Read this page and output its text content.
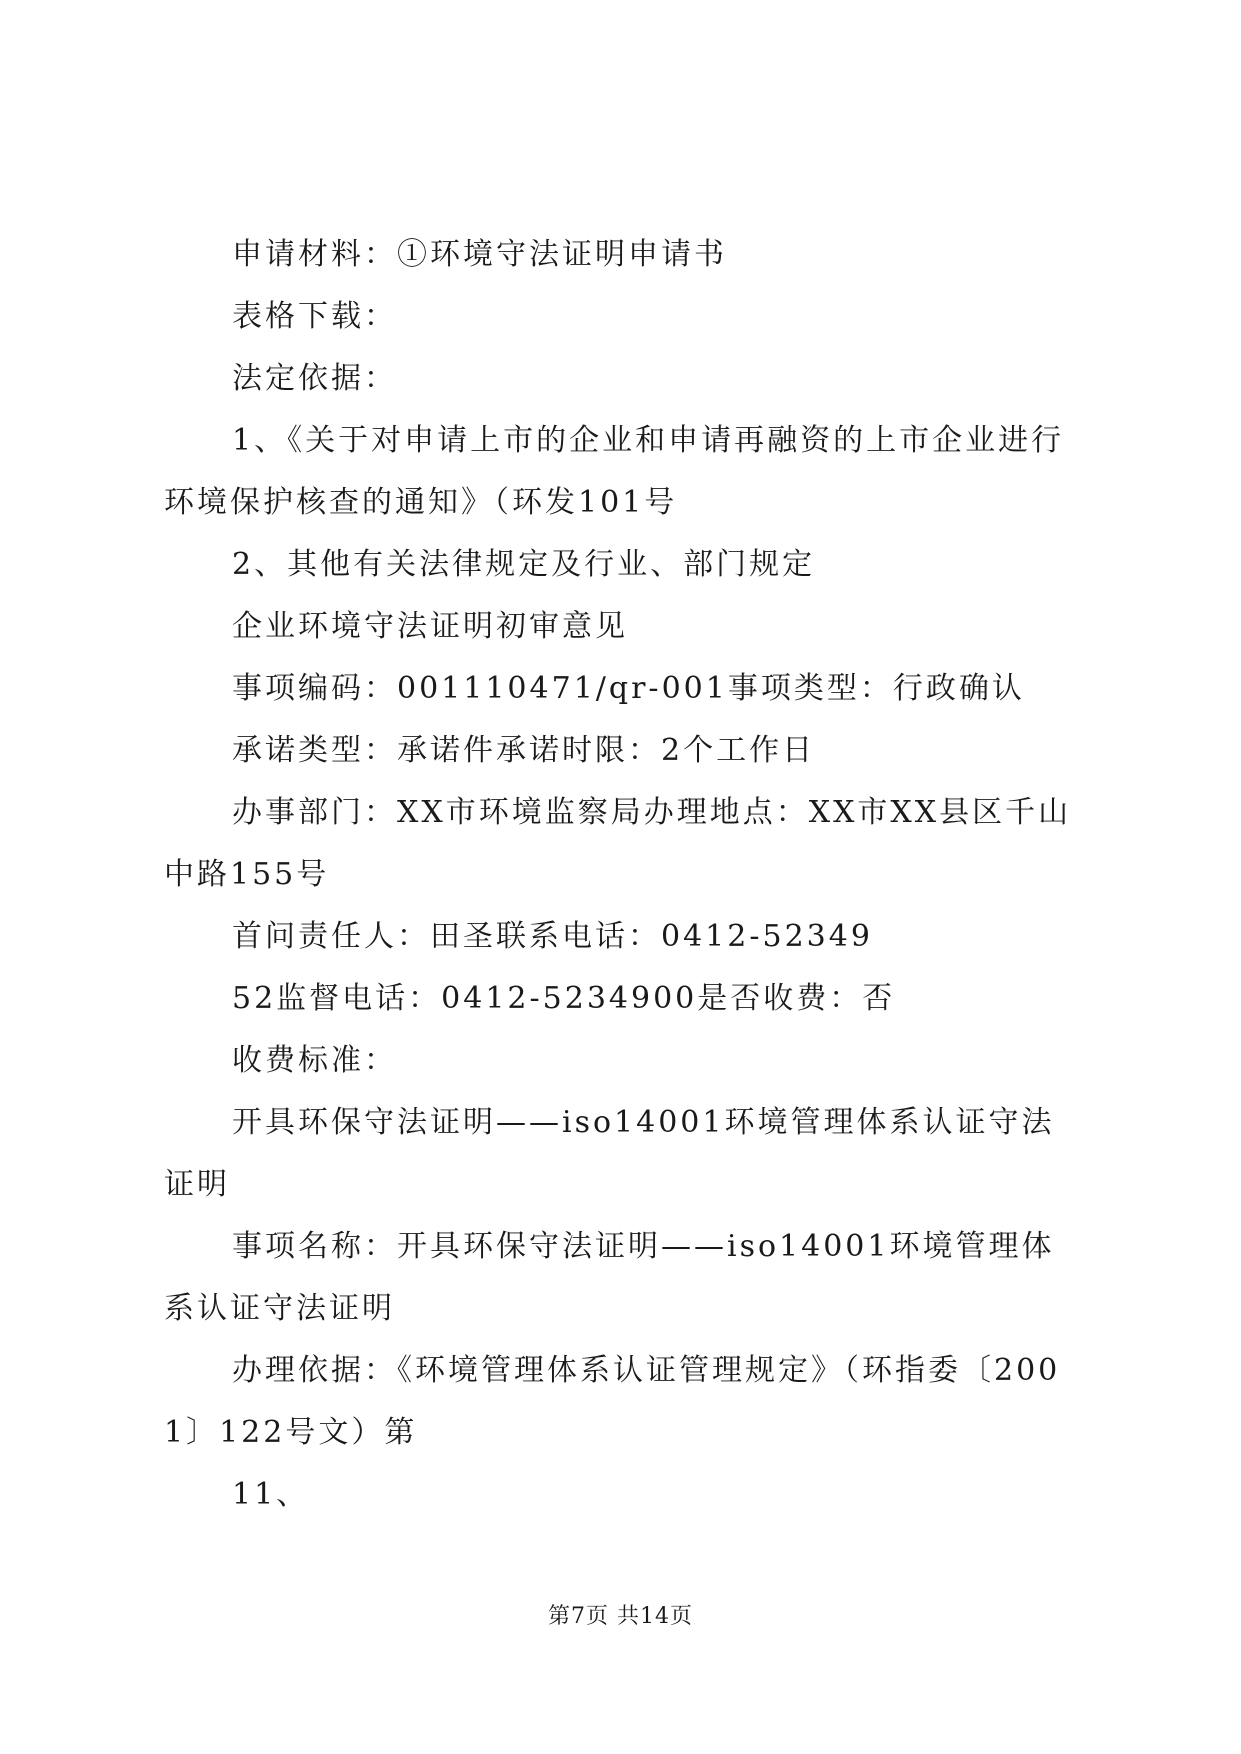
申请材料：①环境守法证明申请书

表格下载：

法定依据：

1、《关于对申请上市的企业和申请再融资的上市企业进行环境保护核查的通知》（环发101号

2、其他有关法律规定及行业、部门规定

企业环境守法证明初审意见

事项编码：001110471/qr-001事项类型：行政确认

承诺类型：承诺件承诺时限：2个工作日

办事部门：XX市环境监察局办理地点：XX市XX县区千山中路155号

首问责任人：田圣联系电话：0412-52349

52监督电话：0412-5234900是否收费：否

收费标准：

开具环保守法证明——iso14001环境管理体系认证守法证明

事项名称：开具环保守法证明——iso14001环境管理体系认证守法证明

办理依据：《环境管理体系认证管理规定》（环指委〔2001〕122号文）第

11、

第7页 共14页
